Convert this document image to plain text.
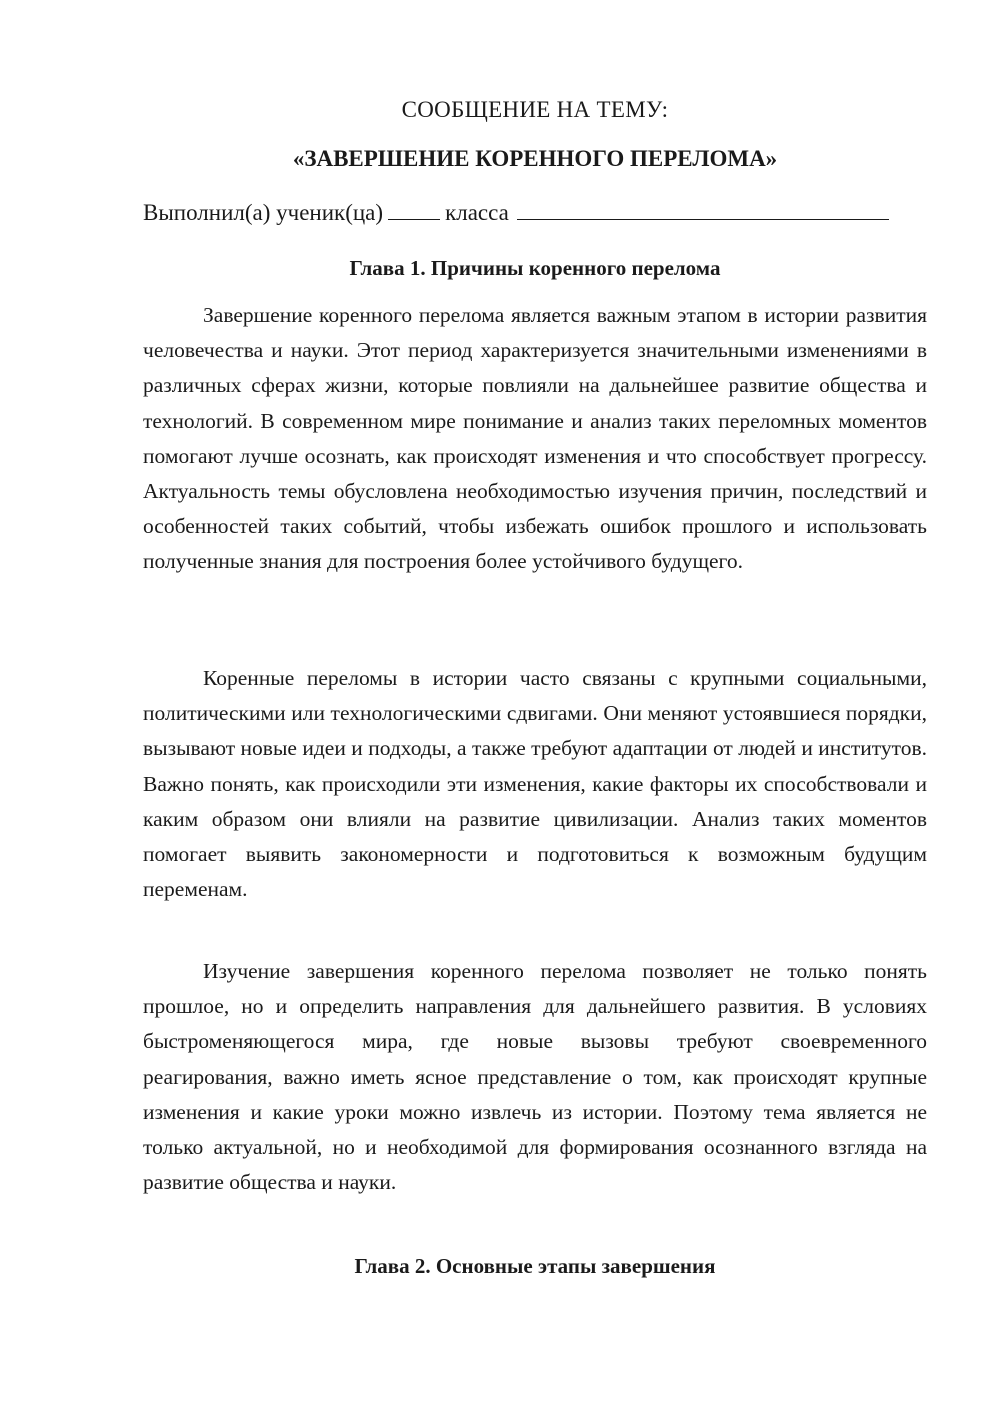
СООБЩЕНИЕ НА ТЕМУ:
«ЗАВЕРШЕНИЕ КОРЕННОГО ПЕРЕЛОМА»
Выполнил(а) ученик(ца)	класса
Глава 1. Причины коренного перелома

Завершение коренного перелома является важным этапом в истории развития человечества и науки. Этот период характеризуется значительными изменениями в различных сферах жизни, которые повлияли на дальнейшее развитие общества и технологий. В современном мире понимание и анализ таких переломных моментов помогают лучше осознать, как происходят изменения и что способствует прогрессу. Актуальность темы обусловлена необходимостью изучения причин, последствий и особенностей таких событий, чтобы избежать ошибок прошлого и использовать полученные знания для построения более устойчивого будущего.

Коренные переломы в истории часто связаны с крупными социальными, политическими или технологическими сдвигами. Они меняют устоявшиеся порядки, вызывают новые идеи и подходы, а также требуют адаптации от людей и институтов. Важно понять, как происходили эти изменения, какие факторы их способствовали и каким образом они влияли на развитие цивилизации. Анализ таких моментов помогает выявить закономерности и подготовиться к возможным будущим переменам.

Изучение завершения коренного перелома позволяет не только понять прошлое, но и определить направления для дальнейшего развития. В условиях быстроменяющегося мира, где новые вызовы требуют своевременного реагирования, важно иметь ясное представление о том, как происходят крупные изменения и какие уроки можно извлечь из истории. Поэтому тема является не только актуальной, но и необходимой для формирования осознанного взгляда на развитие общества и науки.

Глава 2. Основные этапы завершения
